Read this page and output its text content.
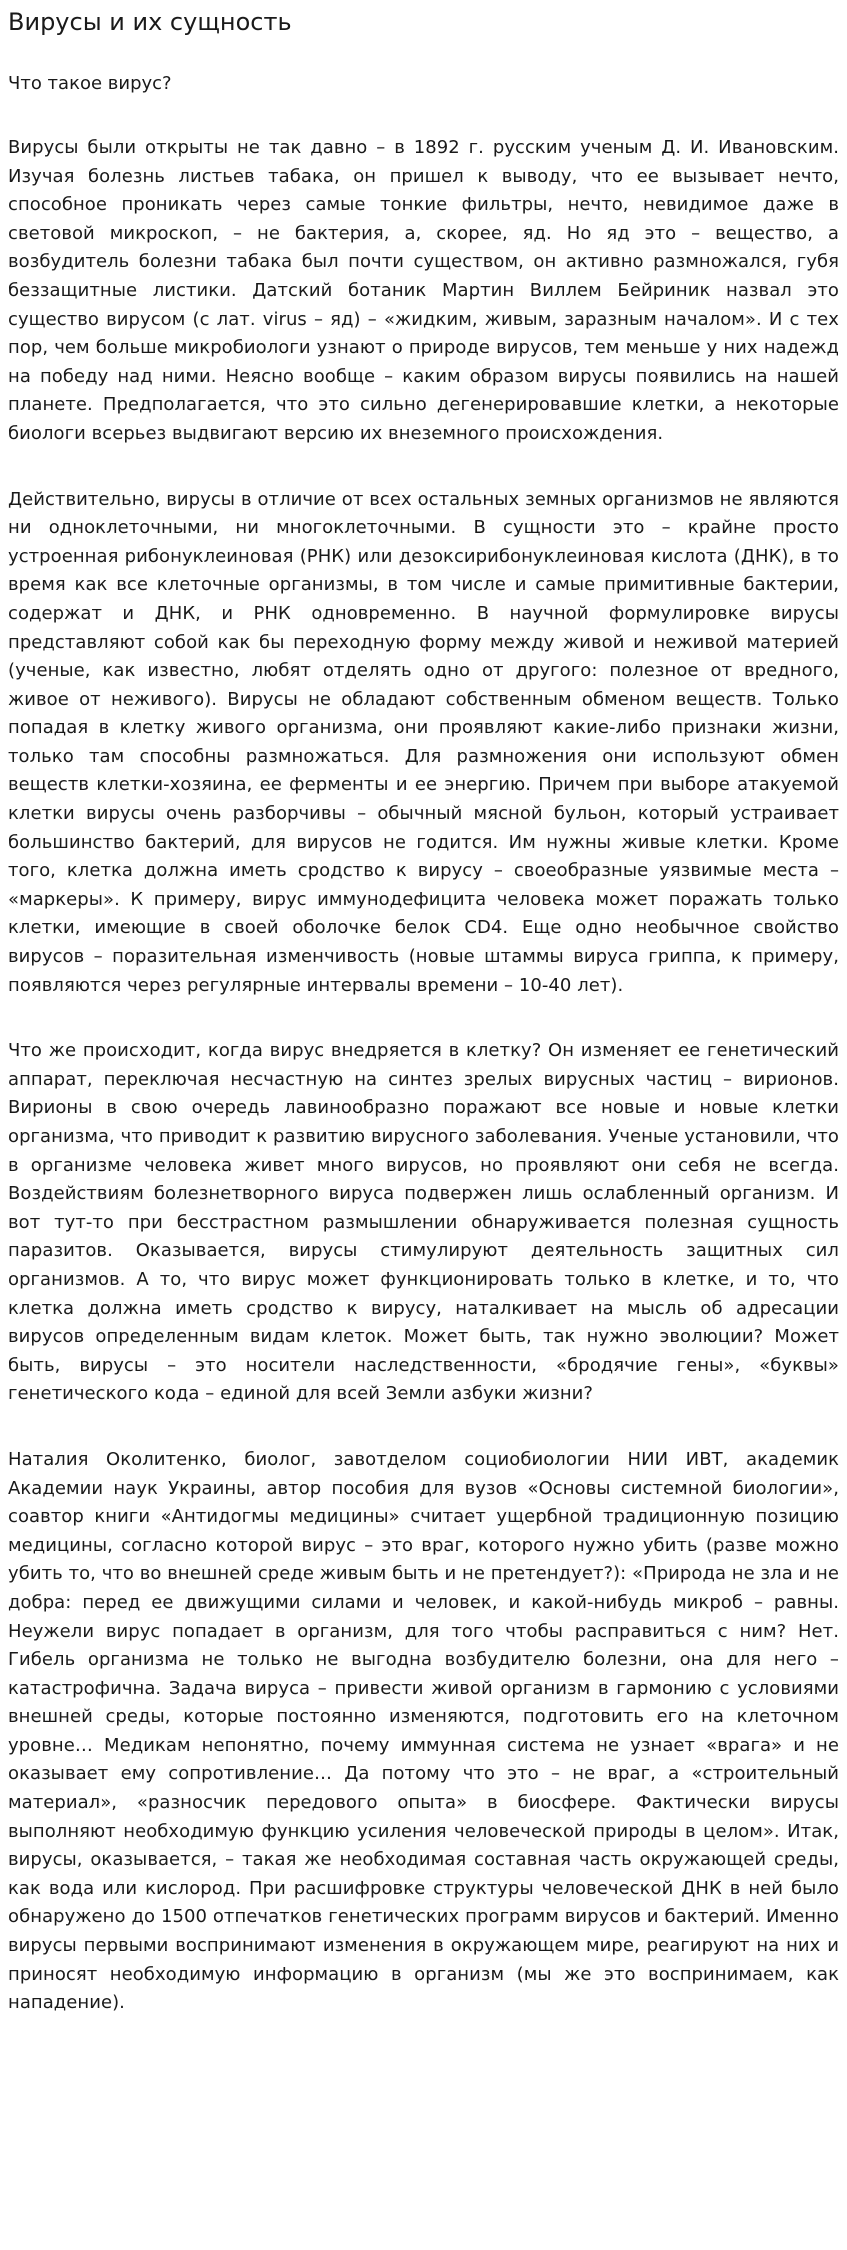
Вирусы и их сущность

Что такое вирус?

Вирусы были открыты не так давно – в 1892 г. русским ученым Д. И. Ивановским. Изучая болезнь листьев табака, он пришел к выводу, что ее вызывает нечто, способное проникать через самые тонкие фильтры, нечто, невидимое даже в световой микроскоп, – не бактерия, а, скорее, яд. Но яд это – вещество, а возбудитель болезни табака был почти существом, он активно размножался, губя беззащитные листики. Датский ботаник Мартин Виллем Бейриник назвал это существо вирусом (с лат. virus – яд) – «жидким, живым, заразным началом». И с тех пор, чем больше микробиологи узнают о природе вирусов, тем меньше у них надежд на победу над ними. Неясно вообще – каким образом вирусы появились на нашей планете. Предполагается, что это сильно дегенерировавшие клетки, а некоторые биологи всерьез выдвигают версию их внеземного происхождения.

Действительно, вирусы в отличие от всех остальных земных организмов не являются ни одноклеточными, ни многоклеточными. В сущности это – крайне просто устроенная рибонуклеиновая (РНК) или дезоксирибонуклеиновая кислота (ДНК), в то время как все клеточные организмы, в том числе и самые примитивные бактерии, содержат и ДНК, и РНК одновременно. В научной формулировке вирусы представляют собой как бы переходную форму между живой и неживой материей (ученые, как известно, любят отделять одно от другого: полезное от вредного, живое от неживого). Вирусы не обладают собственным обменом веществ. Только попадая в клетку живого организма, они проявляют какие-либо признаки жизни, только там способны размножаться. Для размножения они используют обмен веществ клетки-хозяина, ее ферменты и ее энергию. Причем при выборе атакуемой клетки вирусы очень разборчивы – обычный мясной бульон, который устраивает большинство бактерий, для вирусов не годится. Им нужны живые клетки. Кроме того, клетка должна иметь сродство к вирусу – своеобразные уязвимые места – «маркеры». К примеру, вирус иммунодефицита человека может поражать только клетки, имеющие в своей оболочке белок CD4. Еще одно необычное свойство вирусов – поразительная изменчивость (новые штаммы вируса гриппа, к примеру, появляются через регулярные интервалы времени – 10-40 лет).

Что же происходит, когда вирус внедряется в клетку? Он изменяет ее генетический аппарат, переключая несчастную на синтез зрелых вирусных частиц – вирионов. Вирионы в свою очередь лавинообразно поражают все новые и новые клетки организма, что приводит к развитию вирусного заболевания. Ученые установили, что в организме человека живет много вирусов, но проявляют они себя не всегда. Воздействиям болезнетворного вируса подвержен лишь ослабленный организм. И вот тут-то при бесстрастном размышлении обнаруживается полезная сущность паразитов. Оказывается, вирусы стимулируют деятельность защитных сил организмов. А то, что вирус может функционировать только в клетке, и то, что клетка должна иметь сродство к вирусу, наталкивает на мысль об адресации вирусов определенным видам клеток. Может быть, так нужно эволюции? Может быть, вирусы – это носители наследственности, «бродячие гены», «буквы» генетического кода – единой для всей Земли азбуки жизни?

Наталия Околитенко, биолог, завотделом социобиологии НИИ ИВТ, академик Академии наук Украины, автор пособия для вузов «Основы системной биологии», соавтор книги «Антидогмы медицины» считает ущербной традиционную позицию медицины, согласно которой вирус – это враг, которого нужно убить (разве можно убить то, что во внешней среде живым быть и не претендует?): «Природа не зла и не добра: перед ее движущими силами и человек, и какой-нибудь микроб – равны. Неужели вирус попадает в организм, для того чтобы расправиться с ним? Нет. Гибель организма не только не выгодна возбудителю болезни, она для него – катастрофична. Задача вируса – привести живой организм в гармонию с условиями внешней среды, которые постоянно изменяются, подготовить его на клеточном уровне… Медикам непонятно, почему иммунная система не узнает «врага» и не оказывает ему сопротивление… Да потому что это – не враг, а «строительный материал», «разносчик передового опыта» в биосфере. Фактически вирусы выполняют необходимую функцию усиления человеческой природы в целом». Итак, вирусы, оказывается, – такая же необходимая составная часть окружающей среды, как вода или кислород. При расшифровке структуры человеческой ДНК в ней было обнаружено до 1500 отпечатков генетических программ вирусов и бактерий. Именно вирусы первыми воспринимают изменения в окружающем мире, реагируют на них и приносят необходимую информацию в организм (мы же это воспринимаем, как нападение).
